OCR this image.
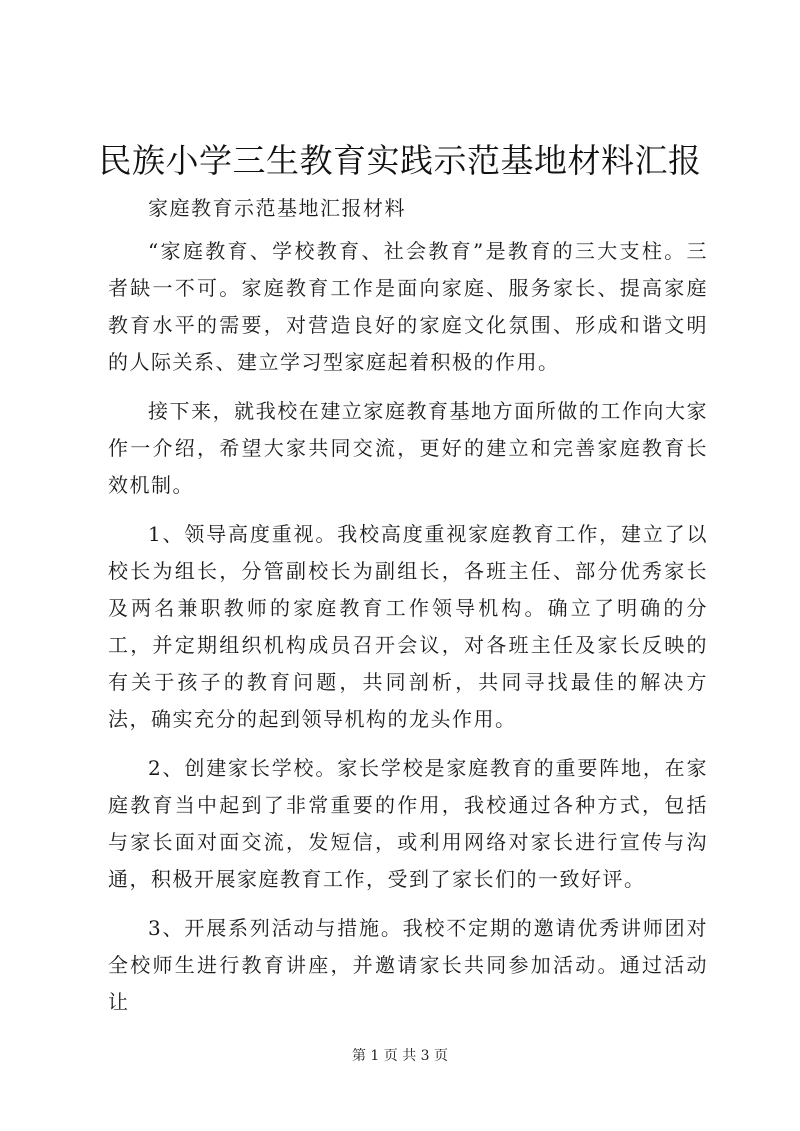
民族小学三生教育实践示范基地材料汇报

家庭教育示范基地汇报材料

“家庭教育、学校教育、社会教育”是教育的三大支柱。三者缺一不可。家庭教育工作是面向家庭、服务家长、提高家庭教育水平的需要，对营造良好的家庭文化氛围、形成和谐文明的人际关系、建立学习型家庭起着积极的作用。

接下来，就我校在建立家庭教育基地方面所做的工作向大家作一介绍，希望大家共同交流，更好的建立和完善家庭教育长效机制。

1、领导高度重视。我校高度重视家庭教育工作，建立了以校长为组长，分管副校长为副组长，各班主任、部分优秀家长及两名兼职教师的家庭教育工作领导机构。确立了明确的分工，并定期组织机构成员召开会议，对各班主任及家长反映的有关于孩子的教育问题，共同剖析，共同寻找最佳的解决方法，确实充分的起到领导机构的龙头作用。

2、创建家长学校。家长学校是家庭教育的重要阵地，在家庭教育当中起到了非常重要的作用，我校通过各种方式，包括与家长面对面交流，发短信，或利用网络对家长进行宣传与沟通，积极开展家庭教育工作，受到了家长们的一致好评。

3、开展系列活动与措施。我校不定期的邀请优秀讲师团对全校师生进行教育讲座，并邀请家长共同参加活动。通过活动让

第 1 页 共 3 页
